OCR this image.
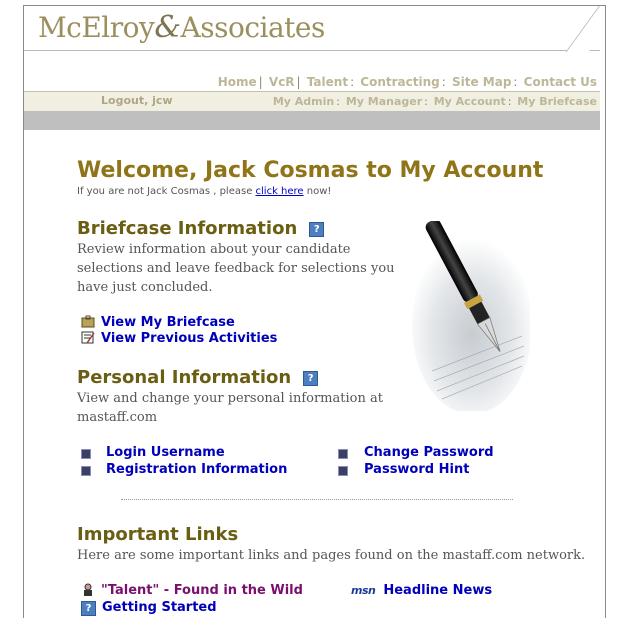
McElroy&Associates
Home | VcR | Talent : Contracting : Site Map : Contact Us
Logout, jcw	My Admin : My Manager : My Account : My Briefcase
Welcome, Jack Cosmas to My Account
If you are not Jack Cosmas , please click here now!
Briefcase Information ?
Review information about your candidate selections and leave feedback for selections you have just concluded.
View My Briefcase
View Previous Activities
Personal Information ?
View and change your personal information at mastaff.com
Login Username
Registration Information
Change Password
Password Hint
Important Links
Here are some important links and pages found on the mastaff.com network.
"Talent" - Found in the Wild	msn Headline News
? Getting Started
